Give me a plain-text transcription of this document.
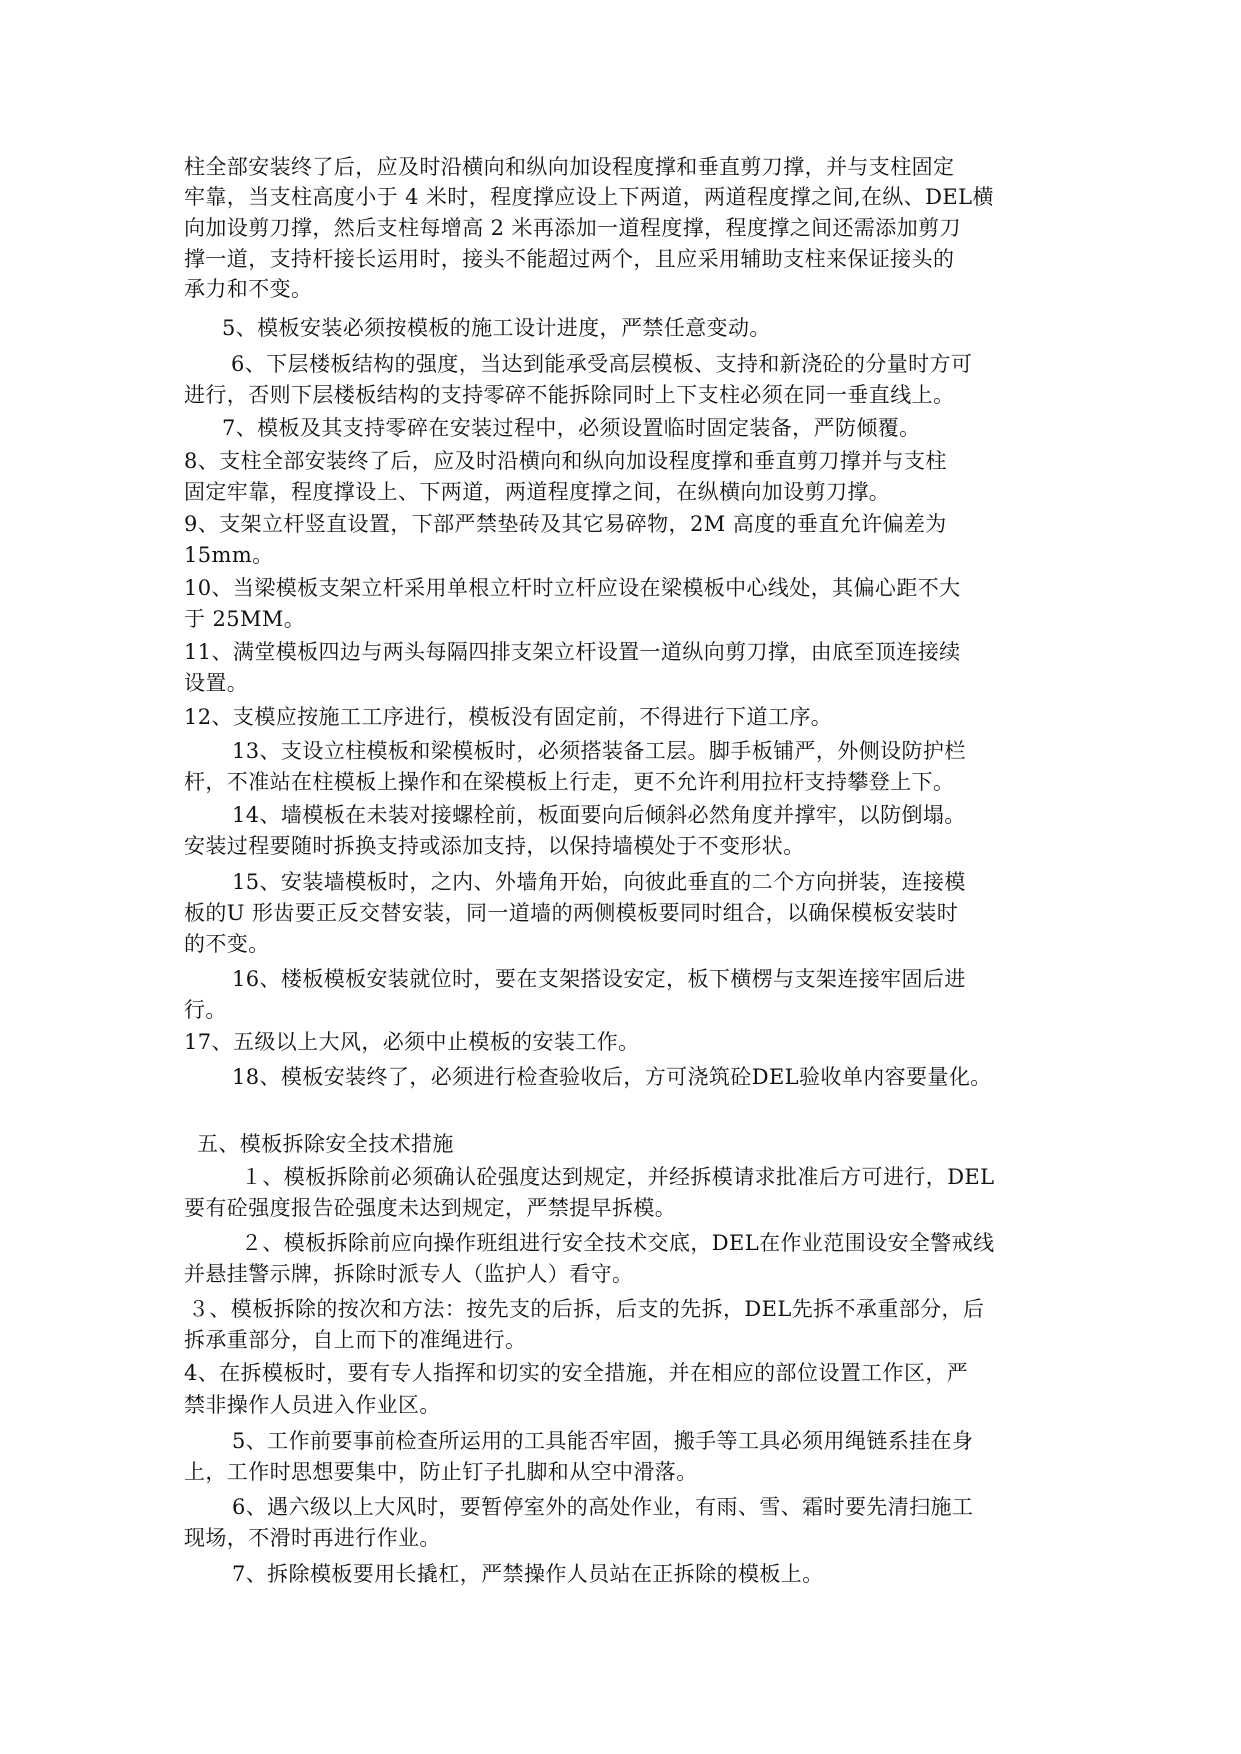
柱全部安装终了后，应及时沿横向和纵向加设程度撑和垂直剪刀撑，并与支柱固定
牢靠，当支柱高度小于 4 米时，程度撑应设上下两道，两道程度撑之间,在纵、DEL横
向加设剪刀撑，然后支柱每增高 2 米再添加一道程度撑，程度撑之间还需添加剪刀
撑一道，支持杆接长运用时，接头不能超过两个，且应采用辅助支柱来保证接头的
承力和不变。
5、模板安装必须按模板的施工设计进度，严禁任意变动。
6、下层楼板结构的强度，当达到能承受高层模板、支持和新浇砼的分量时方可
进行，否则下层楼板结构的支持零碎不能拆除同时上下支柱必须在同一垂直线上。
7、模板及其支持零碎在安装过程中，必须设置临时固定装备，严防倾覆。
8、支柱全部安装终了后，应及时沿横向和纵向加设程度撑和垂直剪刀撑并与支柱
固定牢靠，程度撑设上、下两道，两道程度撑之间，在纵横向加设剪刀撑。
9、支架立杆竖直设置，下部严禁垫砖及其它易碎物，2M 高度的垂直允许偏差为
15mm。
10、当梁模板支架立杆采用单根立杆时立杆应设在梁模板中心线处，其偏心距不大
于 25MM。
11、满堂模板四边与两头每隔四排支架立杆设置一道纵向剪刀撑，由底至顶连接续
设置。
12、支模应按施工工序进行，模板没有固定前，不得进行下道工序。
13、支设立柱模板和梁模板时，必须搭装备工层。脚手板铺严，外侧设防护栏
杆，不准站在柱模板上操作和在梁模板上行走，更不允许利用拉杆支持攀登上下。
14、墙模板在未装对接螺栓前，板面要向后倾斜必然角度并撑牢，以防倒塌。
安装过程要随时拆换支持或添加支持，以保持墙模处于不变形状。
15、安装墙模板时，之内、外墙角开始，向彼此垂直的二个方向拼装，连接模
板的U 形齿要正反交替安装，同一道墙的两侧模板要同时组合，以确保模板安装时
的不变。
16、楼板模板安装就位时，要在支架搭设安定，板下横楞与支架连接牢固后进
行。
17、五级以上大风，必须中止模板的安装工作。
18、模板安装终了，必须进行检查验收后，方可浇筑砼DEL验收单内容要量化。
五、模板拆除安全技术措施
１、模板拆除前必须确认砼强度达到规定，并经拆模请求批准后方可进行，DEL
要有砼强度报告砼强度未达到规定，严禁提早拆模。
２、模板拆除前应向操作班组进行安全技术交底，DEL在作业范围设安全警戒线
并悬挂警示牌，拆除时派专人（监护人）看守。
３、模板拆除的按次和方法：按先支的后拆，后支的先拆，DEL先拆不承重部分，后
拆承重部分，自上而下的准绳进行。
4、在拆模板时，要有专人指挥和切实的安全措施，并在相应的部位设置工作区，严
禁非操作人员进入作业区。
5、工作前要事前检查所运用的工具能否牢固，搬手等工具必须用绳链系挂在身
上，工作时思想要集中，防止钉子扎脚和从空中滑落。
6、遇六级以上大风时，要暂停室外的高处作业，有雨、雪、霜时要先清扫施工
现场，不滑时再进行作业。
7、拆除模板要用长撬杠，严禁操作人员站在正拆除的模板上。
